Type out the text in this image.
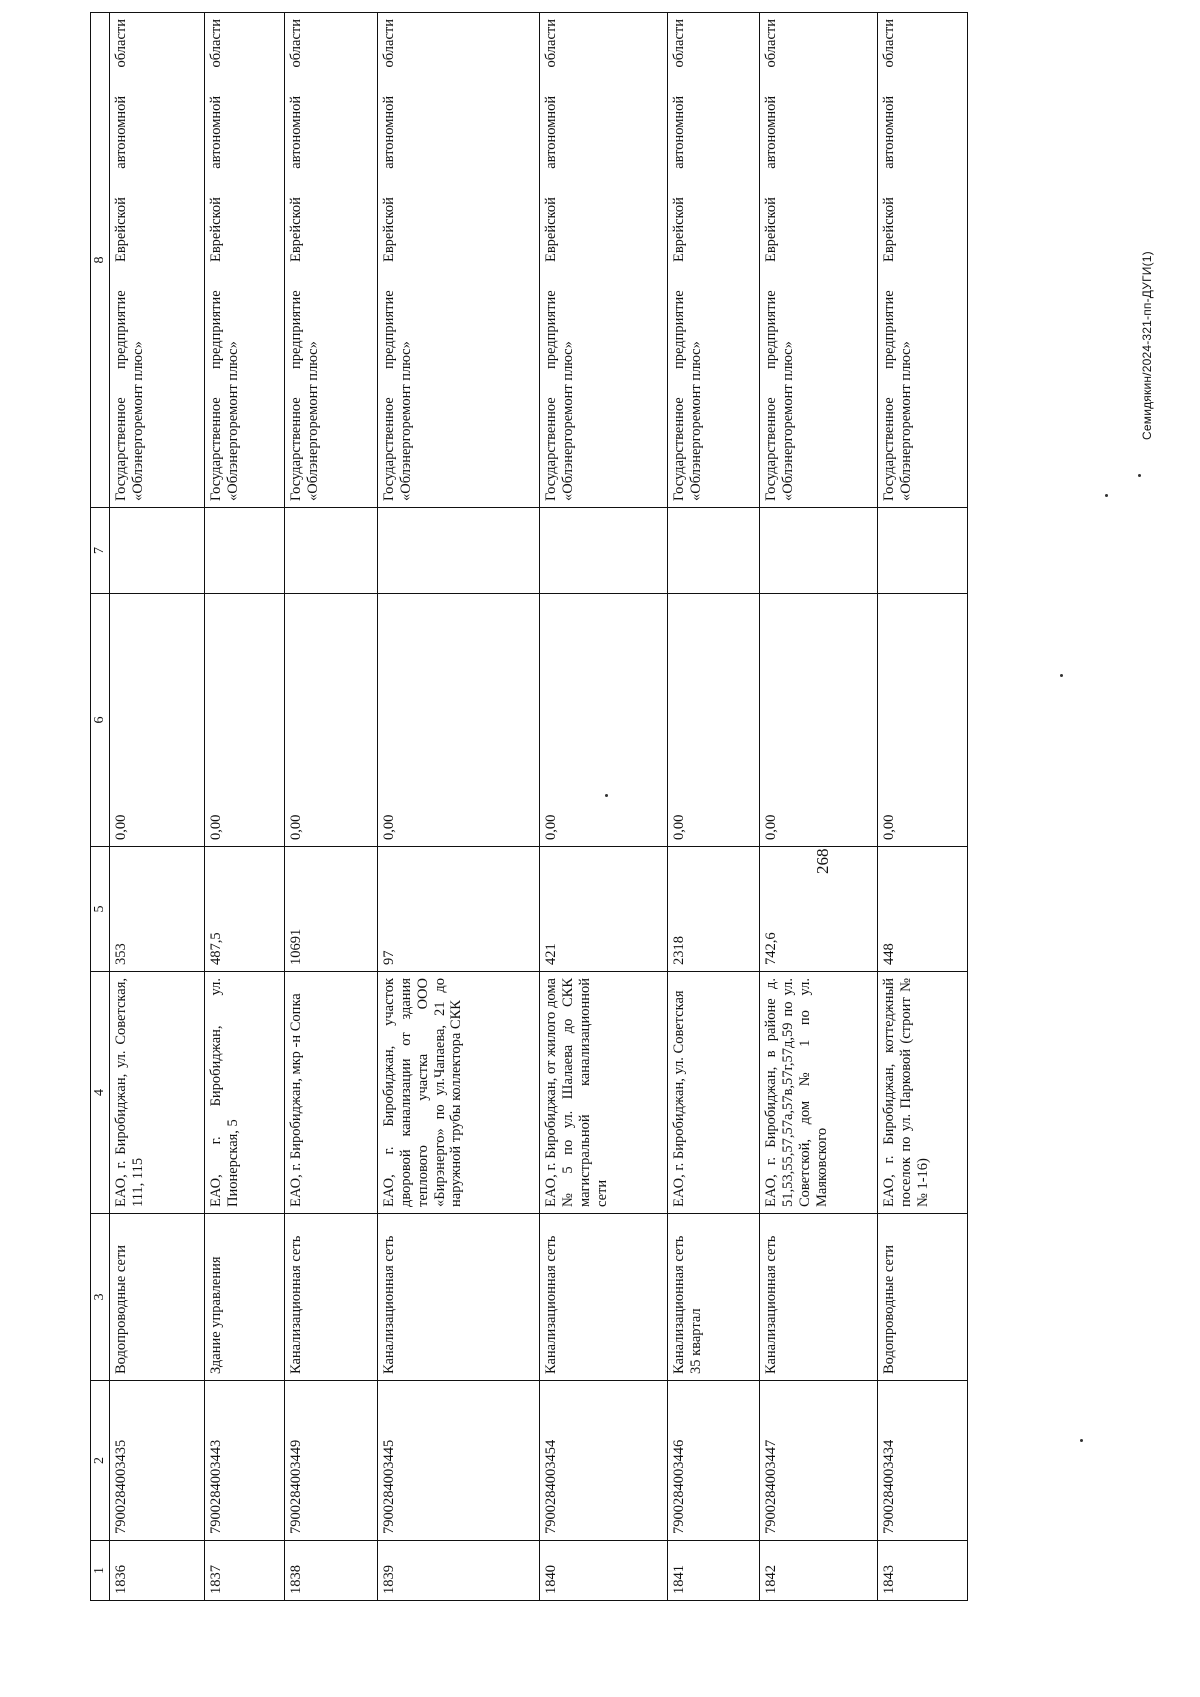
268
1	2	3	4	5	6	7	8
1836	7900284003435	Водопроводные сети	ЕАО, г. Биробиджан, ул. Советская, 111, 115	353	0,00		Государственное предприятие Еврейской автономной области «Облэнергоремонт плюс»
1837	7900284003443	Здание управления	ЕАО, г. Биробиджан, ул. Пионерская, 5	487,5	0,00		Государственное предприятие Еврейской автономной области «Облэнергоремонт плюс»
1838	7900284003449	Канализационная сеть	ЕАО, г. Биробиджан, мкр -н Сопка	10691	0,00		Государственное предприятие Еврейской автономной области «Облэнергоремонт плюс»
1839	7900284003445	Канализационная сеть	ЕАО, г. Биробиджан, участок дворовой канализации от здания теплового участка ООО «Бирэнерго» по ул.Чапаева, 21 до наружной трубы коллектора СКК	97	0,00		Государственное предприятие Еврейской автономной области «Облэнергоремонт плюс»
1840	7900284003454	Канализационная сеть	ЕАО, г. Биробиджан, от жилого дома № 5 по ул. Шалаева до СКК магистральной канализационной сети	421	0,00		Государственное предприятие Еврейской автономной области «Облэнергоремонт плюс»
1841	7900284003446	Канализационная сеть 35 квартал	ЕАО, г. Биробиджан, ул. Советская	2318	0,00		Государственное предприятие Еврейской автономной области «Облэнергоремонт плюс»
1842	7900284003447	Канализационная сеть	ЕАО, г. Биробиджан, в районе д. 51,53,55,57,57а,57в,57г,57д,59 по ул. Советской, дом № 1 по ул. Маяковского	742,6	0,00		Государственное предприятие Еврейской автономной области «Облэнергоремонт плюс»
1843	7900284003434	Водопроводные сети	ЕАО, г. Биробиджан, коттеджный поселок по ул. Парковой (строит №№ 1-16)	448	0,00		Государственное предприятие Еврейской автономной области «Облэнергоремонт плюс»	Семидякин/2024-321-пп-ДУГИ(1)
